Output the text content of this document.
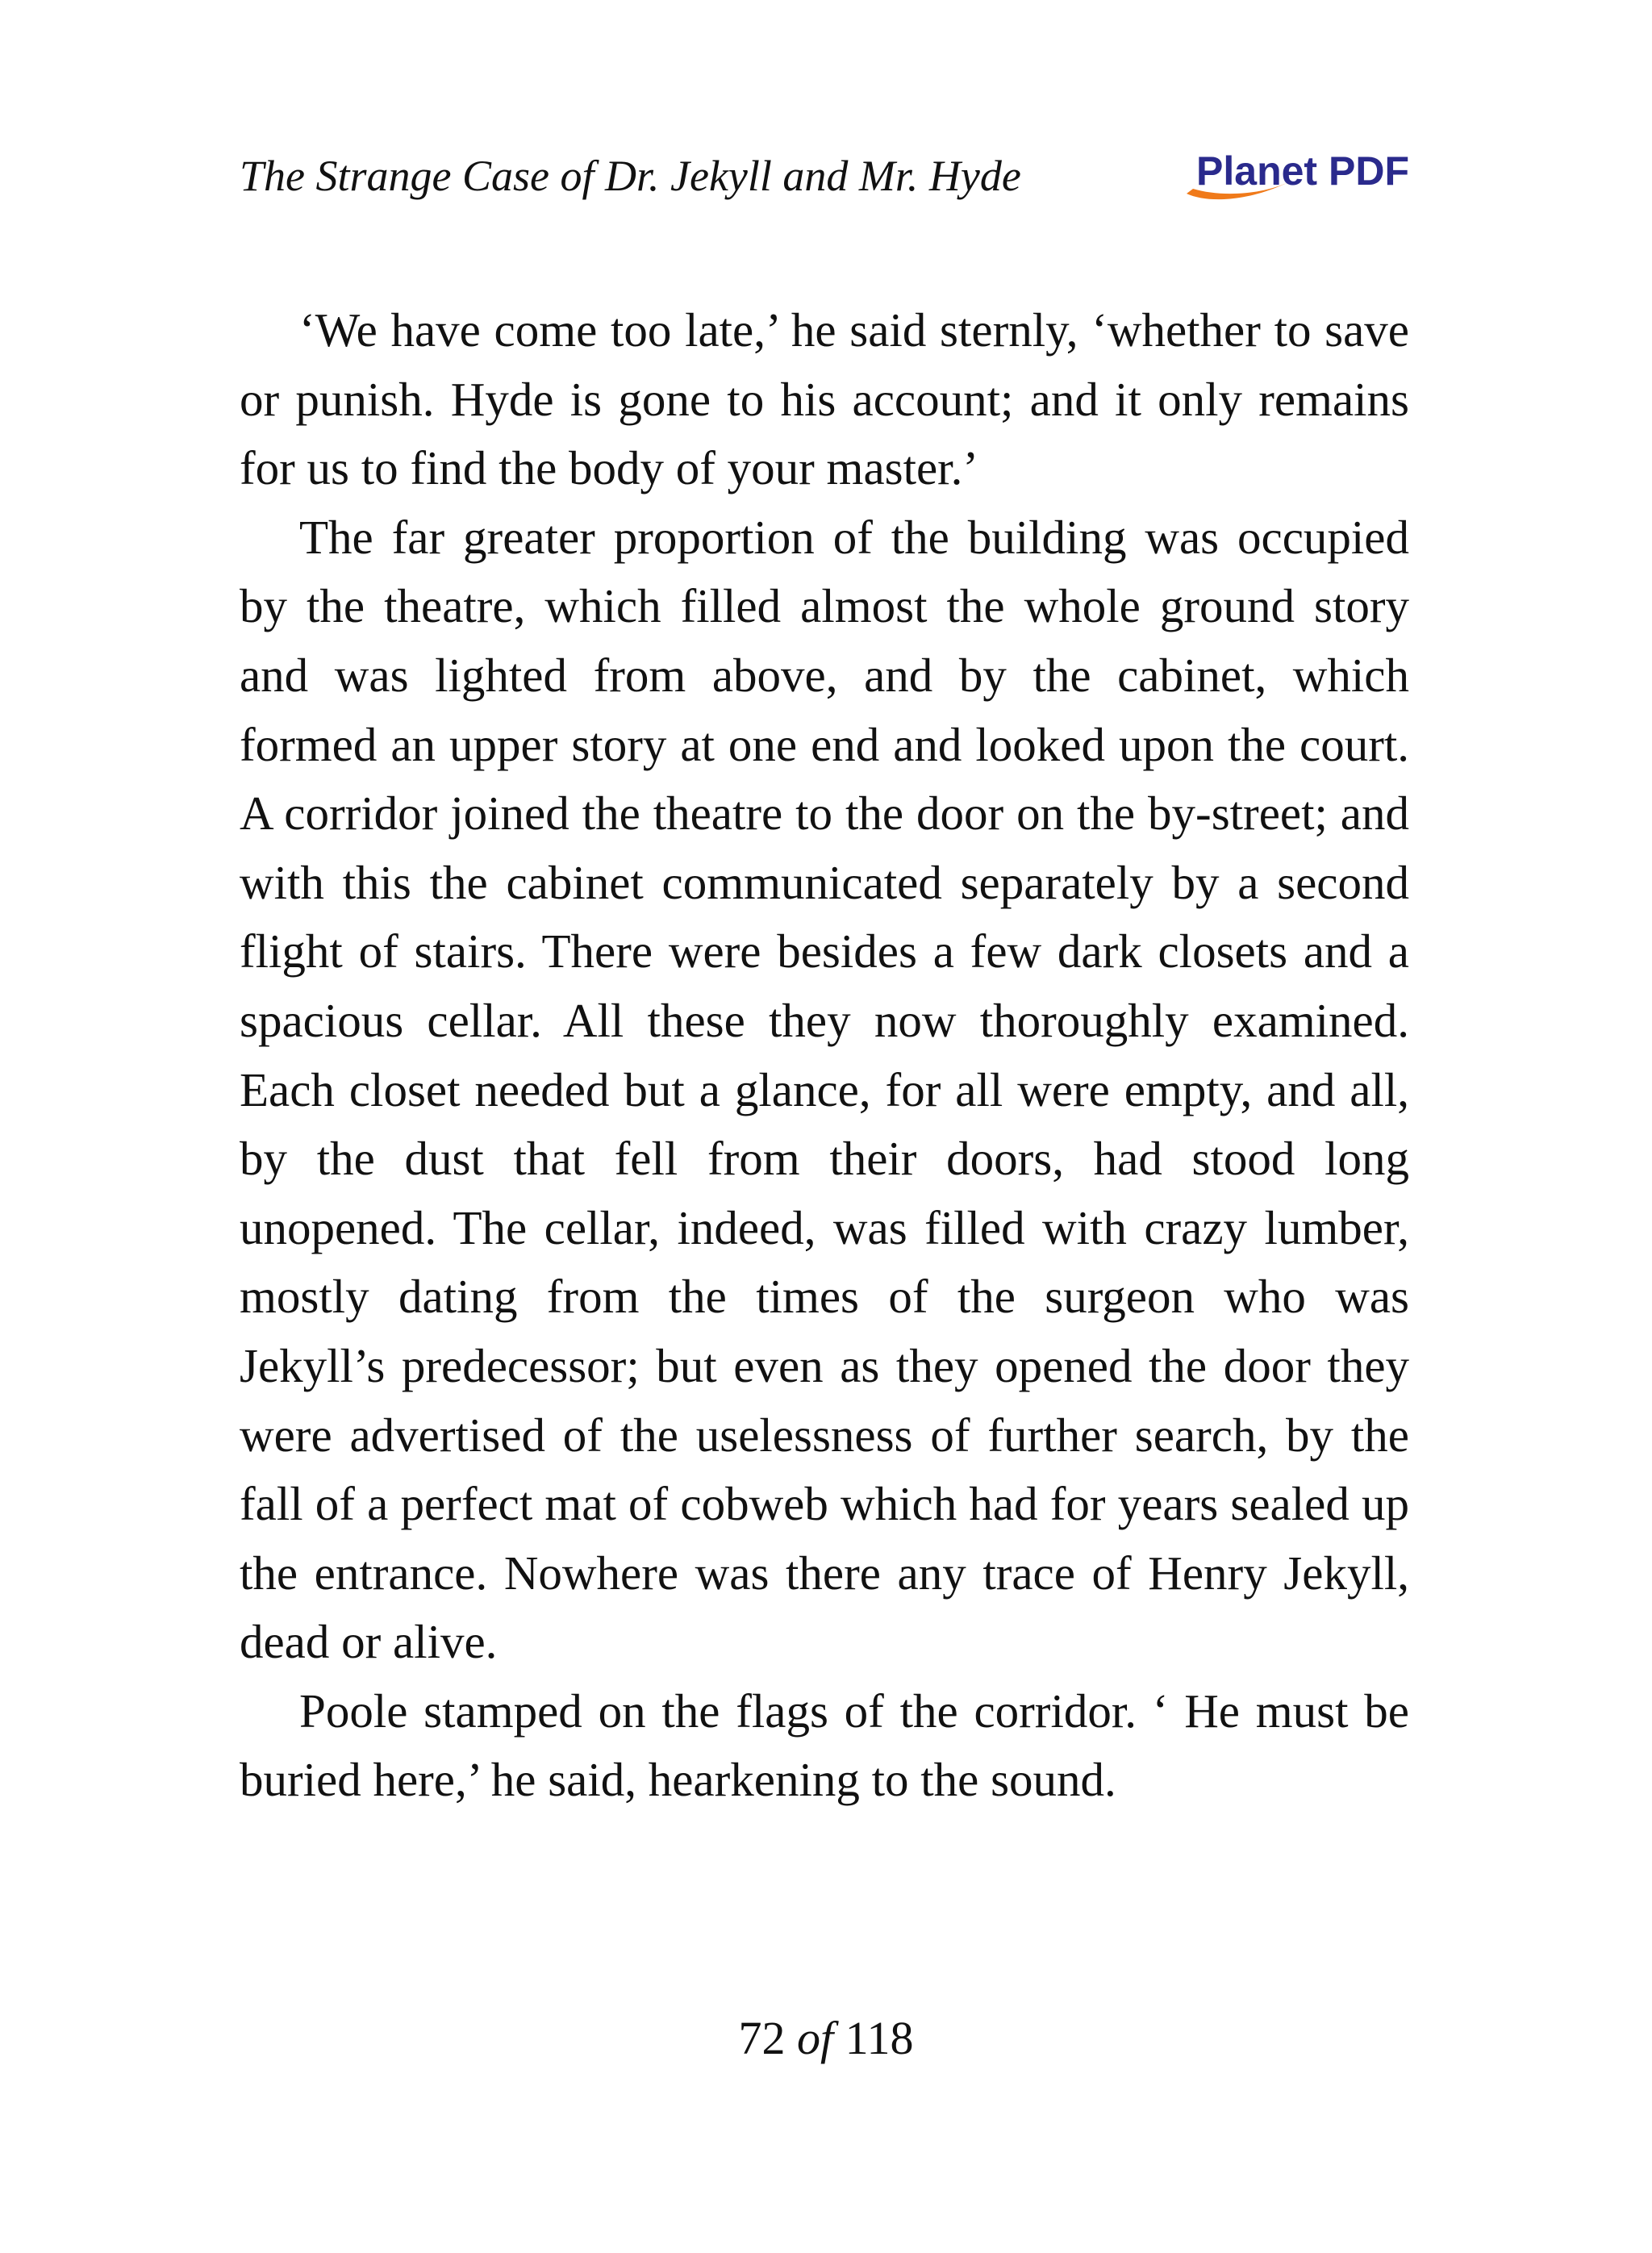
The Strange Case of Dr. Jekyll and Mr. Hyde	Planet PDF

‘We have come too late,’ he said sternly, ‘whether to save or punish. Hyde is gone to his account; and it only remains for us to find the body of your master.’

The far greater proportion of the building was occupied by the theatre, which filled almost the whole ground story and was lighted from above, and by the cabinet, which formed an upper story at one end and looked upon the court. A corridor joined the theatre to the door on the by-street; and with this the cabinet communicated separately by a second flight of stairs. There were besides a few dark closets and a spacious cellar. All these they now thoroughly examined. Each closet needed but a glance, for all were empty, and all, by the dust that fell from their doors, had stood long unopened. The cellar, indeed, was filled with crazy lumber, mostly dating from the times of the surgeon who was Jekyll’s predecessor; but even as they opened the door they were advertised of the uselessness of further search, by the fall of a perfect mat of cobweb which had for years sealed up the entrance. Nowhere was there any trace of Henry Jekyll, dead or alive.

Poole stamped on the flags of the corridor. ‘ He must be buried here,’ he said, hearkening to the sound.

72 of 118
